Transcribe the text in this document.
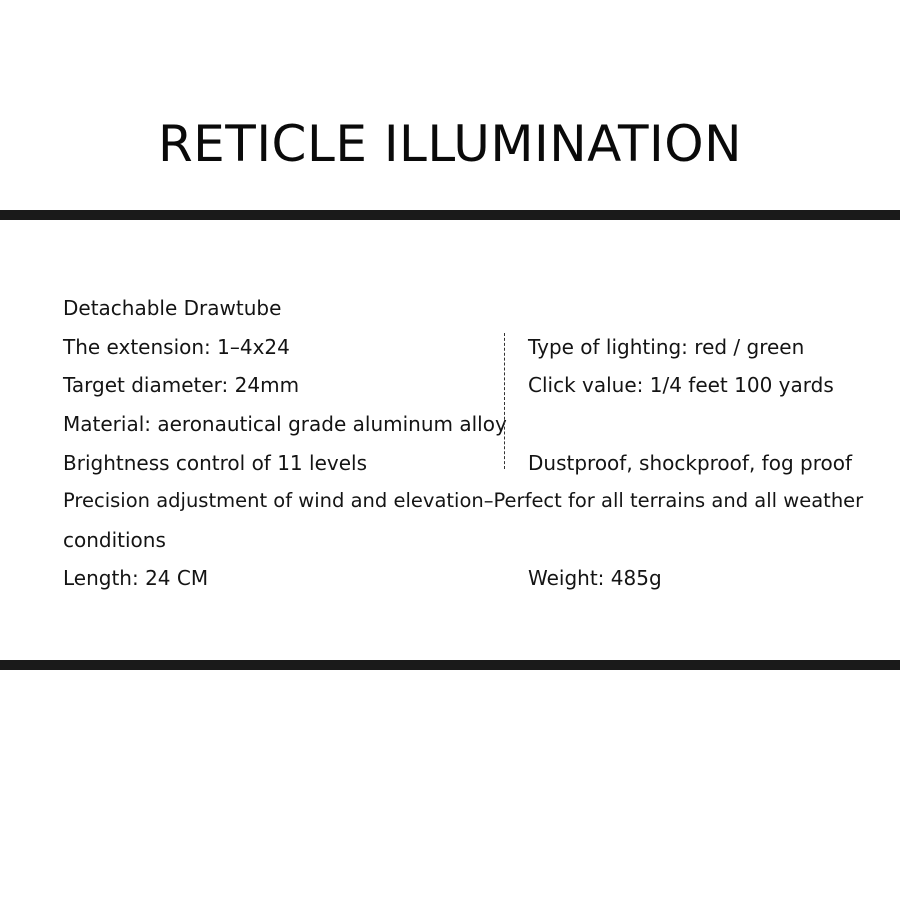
RETICLE ILLUMINATION
Detachable Drawtube
The extension: 1–4x24	Type of lighting: red / green
Target diameter: 24mm	Click value: 1/4 feet 100 yards
Material: aeronautical grade aluminum alloy
Brightness control of 11 levels	Dustproof, shockproof, fog proof
Precision adjustment of wind and elevation–Perfect for all terrains and all weather
conditions
Length: 24 CM	Weight: 485g
